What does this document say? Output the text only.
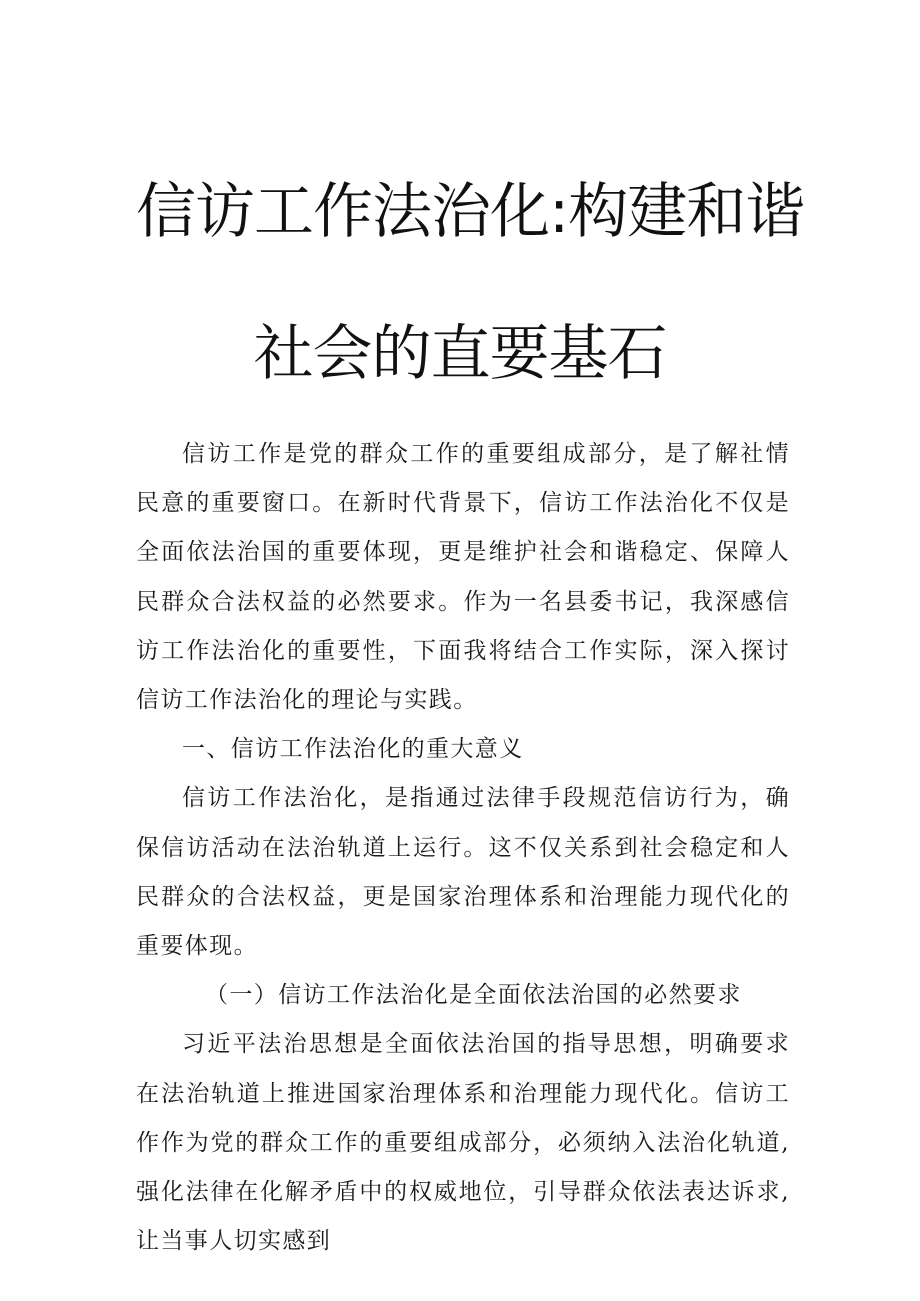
信访工作法治化:构建和谐
社会的直要基石

信访工作是党的群众工作的重要组成部分，是了解社情民意的重要窗口。在新时代背景下，信访工作法治化不仅是全面依法治国的重要体现，更是维护社会和谐稳定、保障人民群众合法权益的必然要求。作为一名县委书记，我深感信访工作法治化的重要性，下面我将结合工作实际，深入探讨信访工作法治化的理论与实践。

一、信访工作法治化的重大意义

信访工作法治化，是指通过法律手段规范信访行为，确保信访活动在法治轨道上运行。这不仅关系到社会稳定和人民群众的合法权益，更是国家治理体系和治理能力现代化的重要体现。

（一）信访工作法治化是全面依法治国的必然要求

习近平法治思想是全面依法治国的指导思想，明确要求在法治轨道上推进国家治理体系和治理能力现代化。信访工作作为党的群众工作的重要组成部分，必须纳入法治化轨道,强化法律在化解矛盾中的权威地位，引导群众依法表达诉求,让当事人切实感到
